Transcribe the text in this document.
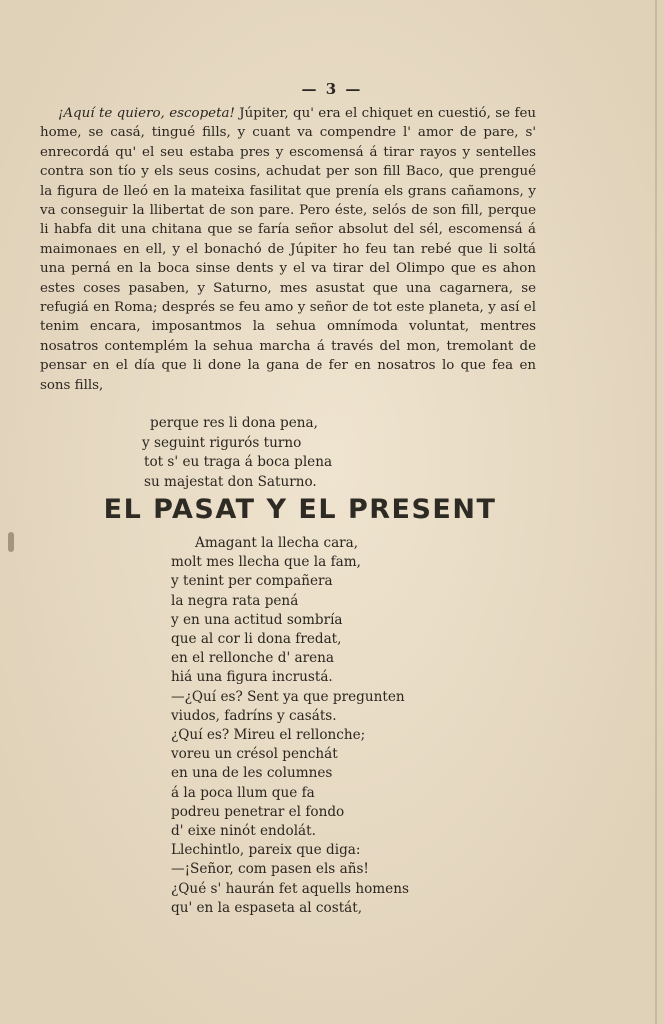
— 3 —

¡Aquí te quiero, escopeta! Júpiter, qu' era el chiquet en cuestió, se feu home, se casá, tingué fills, y cuant va compendre l' amor de pare, s' enrecordá qu' el seu estaba pres y escomensá á tirar rayos y sentelles contra son tío y els seus cosins, achudat per son fill Baco, que prengué la figura de lleó en la mateixa fasilitat que prenía els grans cañamons, y va conseguir la llibertat de son pare. Pero éste, selós de son fill, perque li habfa dit una chitana que se faría señor absolut del sél, escomensá á maimonaes en ell, y el bonachó de Júpiter ho feu tan rebé que li soltá una perná en la boca sinse dents y el va tirar del Olimpo que es ahon estes coses pasaben, y Saturno, mes asustat que una cagarnera, se refugiá en Roma; després se feu amo y señor de tot este planeta, y así el tenim encara, imposantmos la sehua omnímoda voluntat, mentres nosatros contemplém la sehua marcha á través del mon, tremolant de pensar en el día que li done la gana de fer en nosatros lo que fea en sons fills,

perque res li dona pena,
y seguint rigurós turno
tot s' eu traga á boca plena
su majestat don Saturno.
EL PASAT Y EL PRESENT
Amagant la llecha cara,
molt mes llecha que la fam,
y tenint per compañera
la negra rata pená
y en una actitud sombría
que al cor li dona fredat,
en el rellonche d' arena
hiá una figura incrustá.
—¿Quí es? Sent ya que pregunten
viudos, fadríns y casáts.
¿Quí es? Mireu el rellonche;
voreu un crésol penchát
en una de les columnes
á la poca llum que fa
podreu penetrar el fondo
d' eixe ninót endolát.
Llechintlo, pareix que diga:
—¡Señor, com pasen els añs!
¿Qué s' haurán fet aquells homens
qu' en la espaseta al costát,
